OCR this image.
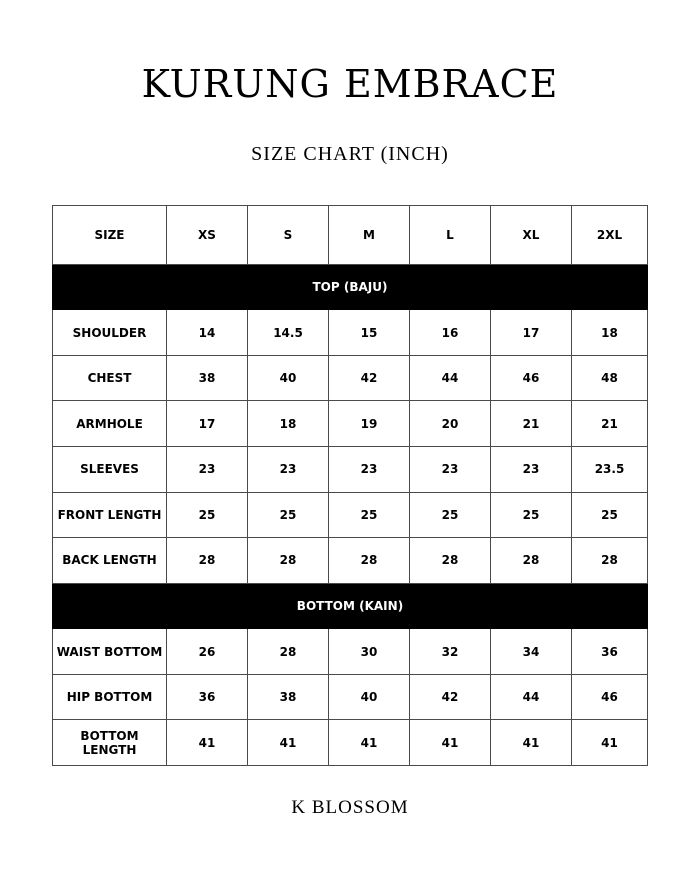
KURUNG EMBRACE
SIZE CHART (INCH)
SIZE	XS	S	M	L	XL	2XL
TOP (BAJU)						
SHOULDER	14	14.5	15	16	17	18
CHEST	38	40	42	44	46	48
ARMHOLE	17	18	19	20	21	21
SLEEVES	23	23	23	23	23	23.5
FRONT LENGTH	25	25	25	25	25	25
BACK LENGTH	28	28	28	28	28	28
BOTTOM (KAIN)						
WAIST BOTTOM	26	28	30	32	34	36
HIP BOTTOM	36	38	40	42	44	46
BOTTOM LENGTH	41	41	41	41	41	41
K BLOSSOM
